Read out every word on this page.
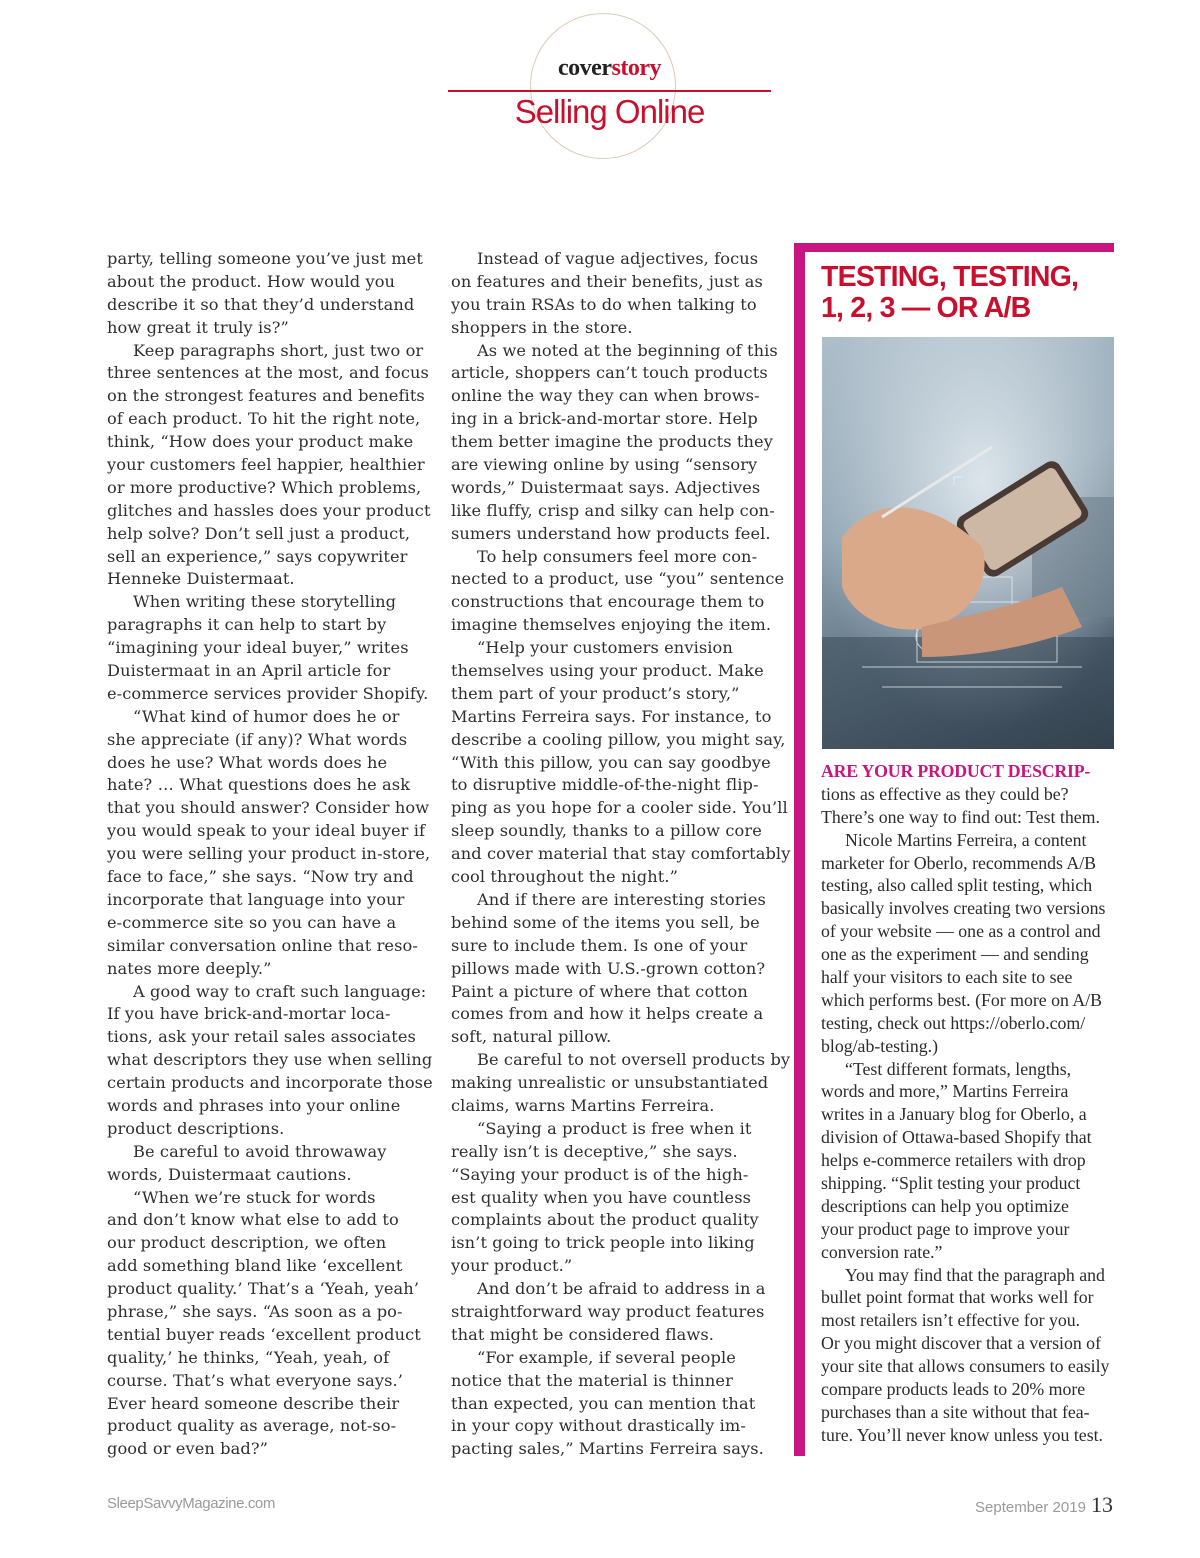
coverstory
Selling Online
party, telling someone you’ve just met
about the product. How would you
describe it so that they’d understand
how great it truly is?”
Keep paragraphs short, just two or
three sentences at the most, and focus
on the strongest features and benefits
of each product. To hit the right note,
think, “How does your product make
your customers feel happier, healthier
or more productive? Which problems,
glitches and hassles does your product
help solve? Don’t sell just a product,
sell an experience,” says copywriter
Henneke Duistermaat.
When writing these storytelling
paragraphs it can help to start by
“imagining your ideal buyer,” writes
Duistermaat in an April article for
e-commerce services provider Shopify.
“What kind of humor does he or
she appreciate (if any)? What words
does he use? What words does he
hate? … What questions does he ask
that you should answer? Consider how
you would speak to your ideal buyer if
you were selling your product in-store,
face to face,” she says. “Now try and
incorporate that language into your
e-commerce site so you can have a
similar conversation online that reso-
nates more deeply.”
A good way to craft such language:
If you have brick-and-mortar loca-
tions, ask your retail sales associates
what descriptors they use when selling
certain products and incorporate those
words and phrases into your online
product descriptions.
Be careful to avoid throwaway
words, Duistermaat cautions.
“When we’re stuck for words
and don’t know what else to add to
our product description, we often
add something bland like ‘excellent
product quality.’ That’s a ‘Yeah, yeah’
phrase,” she says. “As soon as a po-
tential buyer reads ‘excellent product
quality,’ he thinks, “Yeah, yeah, of
course. That’s what everyone says.’
Ever heard someone describe their
product quality as average, not-so-
good or even bad?”
Instead of vague adjectives, focus
on features and their benefits, just as
you train RSAs to do when talking to
shoppers in the store.
As we noted at the beginning of this
article, shoppers can’t touch products
online the way they can when brows-
ing in a brick-and-mortar store. Help
them better imagine the products they
are viewing online by using “sensory
words,” Duistermaat says. Adjectives
like fluffy, crisp and silky can help con-
sumers understand how products feel.
To help consumers feel more con-
nected to a product, use “you” sentence
constructions that encourage them to
imagine themselves enjoying the item.
“Help your customers envision
themselves using your product. Make
them part of your product’s story,”
Martins Ferreira says. For instance, to
describe a cooling pillow, you might say,
“With this pillow, you can say goodbye
to disruptive middle-of-the-night flip-
ping as you hope for a cooler side. You’ll
sleep soundly, thanks to a pillow core
and cover material that stay comfortably
cool throughout the night.”
And if there are interesting stories
behind some of the items you sell, be
sure to include them. Is one of your
pillows made with U.S.-grown cotton?
Paint a picture of where that cotton
comes from and how it helps create a
soft, natural pillow.
Be careful to not oversell products by
making unrealistic or unsubstantiated
claims, warns Martins Ferreira.
“Saying a product is free when it
really isn’t is deceptive,” she says.
“Saying your product is of the high-
est quality when you have countless
complaints about the product quality
isn’t going to trick people into liking
your product.”
And don’t be afraid to address in a
straightforward way product features
that might be considered flaws.
“For example, if several people
notice that the material is thinner
than expected, you can mention that
in your copy without drastically im-
pacting sales,” Martins Ferreira says.
TESTING, TESTING,
1, 2, 3 — OR A/B
ARE YOUR PRODUCT DESCRIP-
tions as effective as they could be?
There’s one way to find out: Test them.
Nicole Martins Ferreira, a content
marketer for Oberlo, recommends A/B
testing, also called split testing, which
basically involves creating two versions
of your website — one as a control and
one as the experiment — and sending
half your visitors to each site to see
which performs best. (For more on A/B
testing, check out https://oberlo.com/
blog/ab-testing.)
“Test different formats, lengths,
words and more,” Martins Ferreira
writes in a January blog for Oberlo, a
division of Ottawa-based Shopify that
helps e-commerce retailers with drop
shipping. “Split testing your product
descriptions can help you optimize
your product page to improve your
conversion rate.”
You may find that the paragraph and
bullet point format that works well for
most retailers isn’t effective for you.
Or you might discover that a version of
your site that allows consumers to easily
compare products leads to 20% more
purchases than a site without that fea-
ture. You’ll never know unless you test.
SleepSavvyMagazine.com	September 2019 13
